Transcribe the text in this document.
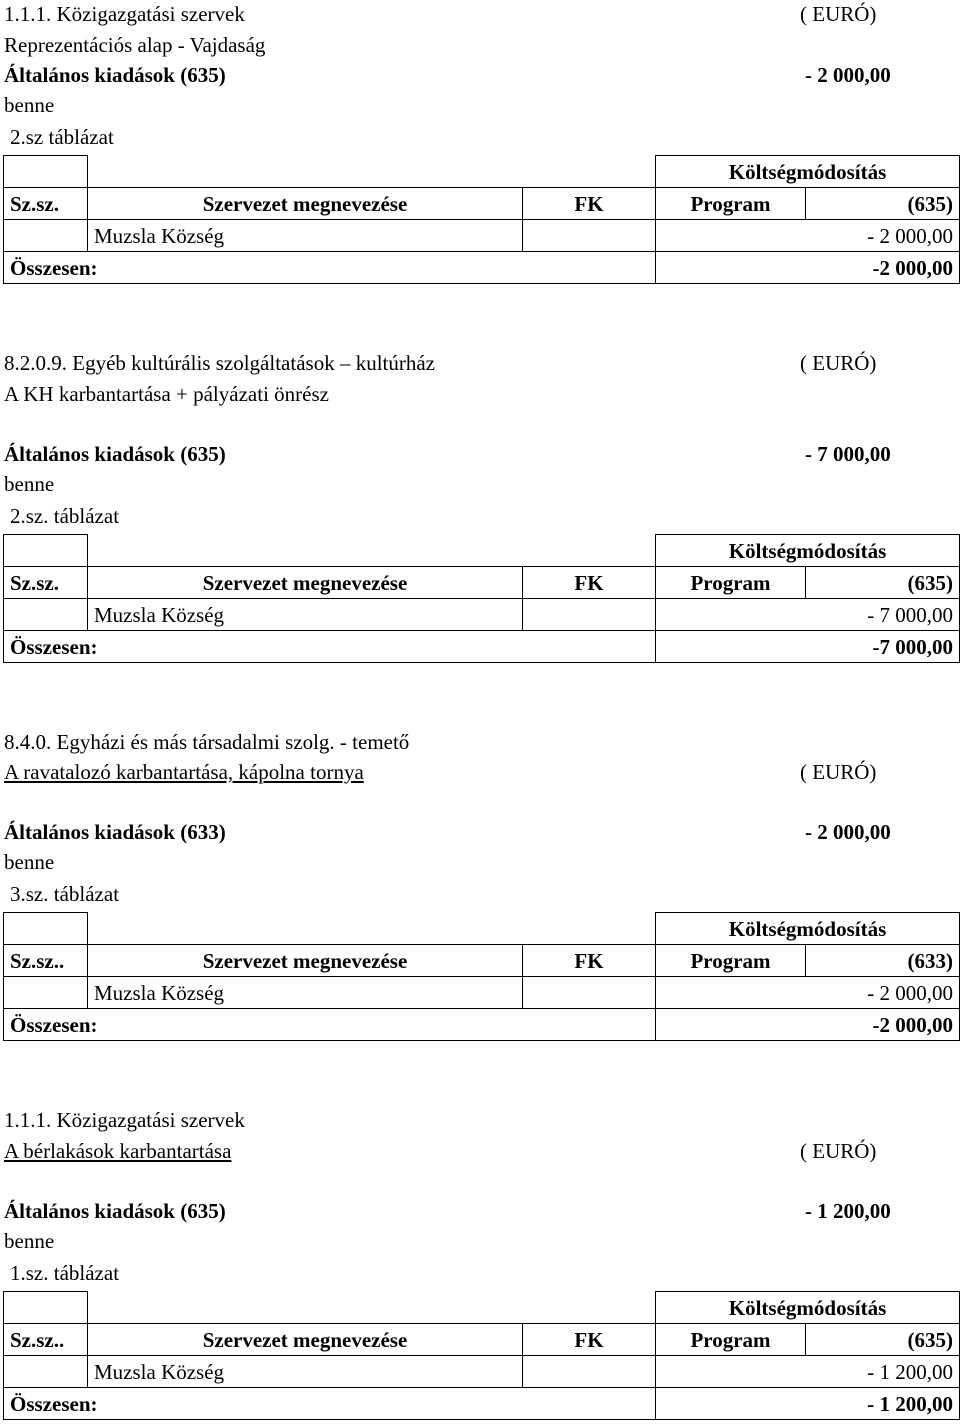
1.1.1. Közigazgatási szervek	( EURÓ)
Reprezentációs alap - Vajdaság
Általános kiadások (635)	- 2 000,00
benne
2.sz táblázat
			Költségmódosítás	
Sz.sz.	Szervezet megnevezése	FK	Program	(635)
	Muzsla Község		- 2 000,00	
Összesen:			-2 000,00	
8.2.0.9. Egyéb kultúrális szolgáltatások – kultúrház	( EURÓ)
A KH karbantartása + pályázati önrész
Általános kiadások (635)	- 7 000,00
benne
2.sz. táblázat
			Költségmódosítás	
Sz.sz.	Szervezet megnevezése	FK	Program	(635)
	Muzsla Község		- 7 000,00	
Összesen:			-7 000,00	
8.4.0. Egyházi és más társadalmi szolg. - temető
A ravatalozó karbantartása, kápolna tornya	( EURÓ)
Általános kiadások (633)	- 2 000,00
benne
3.sz. táblázat
			Költségmódosítás	
Sz.sz..	Szervezet megnevezése	FK	Program	(633)
	Muzsla Község		- 2 000,00	
Összesen:			-2 000,00	
1.1.1. Közigazgatási szervek
A bérlakások karbantartása	( EURÓ)
Általános kiadások (635)	- 1 200,00
benne
1.sz. táblázat
			Költségmódosítás	
Sz.sz..	Szervezet megnevezése	FK	Program	(635)
	Muzsla Község		- 1 200,00	
Összesen:			- 1 200,00	
